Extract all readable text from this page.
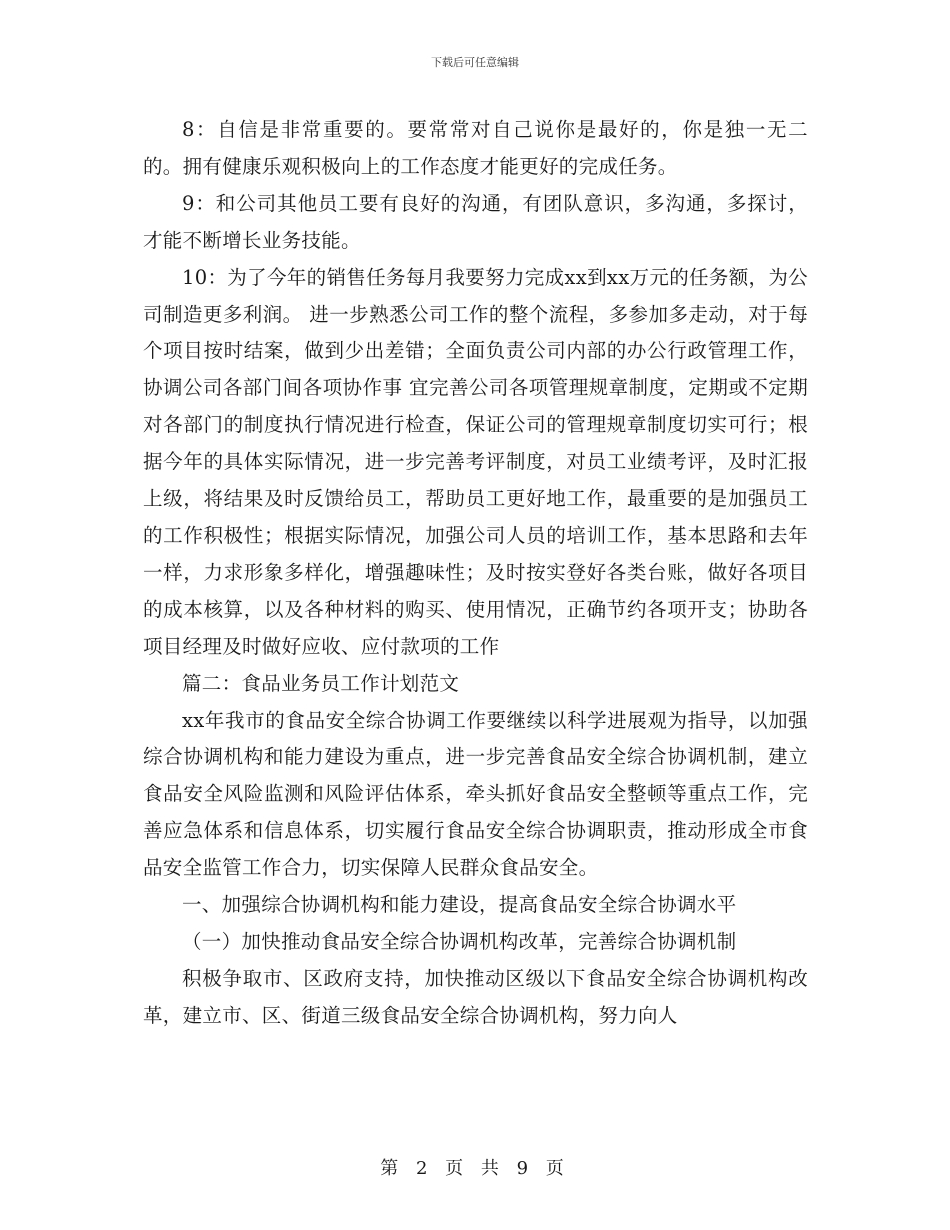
下载后可任意编辑

8：自信是非常重要的。要常常对自己说你是最好的，你是独一无二的。拥有健康乐观积极向上的工作态度才能更好的完成任务。

9：和公司其他员工要有良好的沟通，有团队意识，多沟通，多探讨，才能不断增长业务技能。

10：为了今年的销售任务每月我要努力完成xx到xx万元的任务额，为公司制造更多利润。 进一步熟悉公司工作的整个流程，多参加多走动，对于每个项目按时结案，做到少出差错；全面负责公司内部的办公行政管理工作，协调公司各部门间各项协作事 宜完善公司各项管理规章制度，定期或不定期对各部门的制度执行情况进行检查，保证公司的管理规章制度切实可行；根据今年的具体实际情况，进一步完善考评制度，对员工业绩考评，及时汇报上级，将结果及时反馈给员工，帮助员工更好地工作，最重要的是加强员工的工作积极性；根据实际情况，加强公司人员的培训工作，基本思路和去年一样，力求形象多样化，增强趣味性；及时按实登好各类台账，做好各项目的成本核算，以及各种材料的购买、使用情况，正确节约各项开支；协助各项目经理及时做好应收、应付款项的工作

篇二：食品业务员工作计划范文

xx年我市的食品安全综合协调工作要继续以科学进展观为指导，以加强综合协调机构和能力建设为重点，进一步完善食品安全综合协调机制，建立食品安全风险监测和风险评估体系，牵头抓好食品安全整顿等重点工作，完善应急体系和信息体系，切实履行食品安全综合协调职责，推动形成全市食品安全监管工作合力，切实保障人民群众食品安全。

一、加强综合协调机构和能力建设，提高食品安全综合协调水平

（一）加快推动食品安全综合协调机构改革，完善综合协调机制

积极争取市、区政府支持，加快推动区级以下食品安全综合协调机构改革，建立市、区、街道三级食品安全综合协调机构，努力向人

第 2 页 共 9 页
